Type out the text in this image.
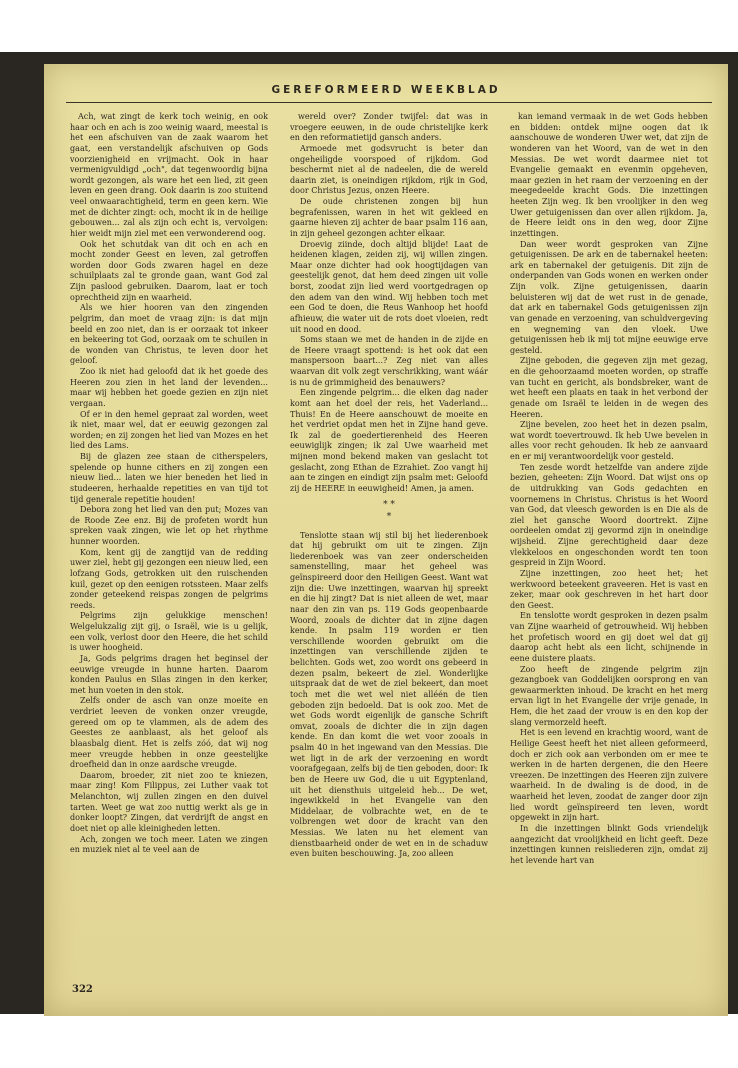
GEREFORMEERD WEEKBLAD

Ach, wat zingt de kerk toch weinig, en ook haar och en ach is zoo weinig waard, meestal is het een afschuiven van de zaak waarom het gaat, een verstandelijk afschuiven op Gods voorzienigheid en vrijmacht. Ook in haar vermenigvuldigd „och", dat tegenwoordig bijna wordt gezongen, als ware het een lied, zit geen leven en geen drang. Ook daarin is zoo stuitend veel onwaarachtigheid, term en geen kern. Wie met de dichter zingt: och, mocht ik in de heilige gebouwen... zal als zijn och echt is, vervolgen: hier weidt mijn ziel met een verwonderend oog.

Ook het schutdak van dit och en ach en mocht zonder Geest en leven, zal getroffen worden door Gods zwaren hagel en deze schuilplaats zal te gronde gaan, want God zal Zijn paslood gebruiken. Daarom, laat er toch oprechtheid zijn en waarheid.

Als we hier hooren van den zingenden pelgrim, dan moet de vraag zijn: is dat mijn beeld en zoo niet, dan is er oorzaak tot inkeer en bekeering tot God, oorzaak om te schuilen in de wonden van Christus, te leven door het geloof.

Zoo ik niet had geloofd dat ik het goede des Heeren zou zien in het land der levenden... maar wij hebben het goede gezien en zijn niet vergaan.

Of er in den hemel gepraat zal worden, weet ik niet, maar wel, dat er eeuwig gezongen zal worden; en zij zongen het lied van Mozes en het lied des Lams.

Bij de glazen zee staan de citherspelers, spelende op hunne cithers en zij zongen een nieuw lied... laten we hier beneden het lied in studeeren, herhaalde repetities en van tijd tot tijd generale repetitie houden!

Debora zong het lied van den put; Mozes van de Roode Zee enz. Bij de profeten wordt hun spreken vaak zingen, wie let op het rhythme hunner woorden.

Kom, kent gij de zangtijd van de redding uwer ziel, hebt gij gezongen een nieuw lied, een lofzang Gods, getrokken uit den ruischenden kuil, gezet op den eenigen rotssteen. Maar zelfs zonder geteekend reispas zongen de pelgrims reeds.

Pelgrims zijn gelukkige menschen! Welgelukzalig zijt gij, o Israël, wie is u gelijk, een volk, verlost door den Heere, die het schild is uwer hoogheid.

Ja, Gods pelgrims dragen het beginsel der eeuwige vreugde in hunne harten. Daarom konden Paulus en Silas zingen in den kerker, met hun voeten in den stok.

Zelfs onder de asch van onze moeite en verdriet leeven de vonken onzer vreugde, gereed om op te vlammen, als de adem des Geestes ze aanblaast, als het geloof als blaasbalg dient. Het is zelfs zóó, dat wij nog meer vreugde hebben in onze geestelijke droefheid dan in onze aardsche vreugde.

Daarom, broeder, zit niet zoo te kniezen, maar zing! Kom Filippus, zei Luther vaak tot Melanchton, wij zullen zingen en den duivel tarten. Weet ge wat zoo nuttig werkt als ge in donker loopt? Zingen, dat verdrijft de angst en doet niet op alle kleinigheden letten.

Ach, zongen we toch meer. Laten we zingen en muziek niet al te veel aan de

wereld over? Zonder twijfel: dat was in vroegere eeuwen, in de oude christelijke kerk en den reformatietijd gansch anders.

Armoede met godsvrucht is beter dan ongeheiligde voorspoed of rijkdom. God beschermt niet al de nadeelen, die de wereld daarin ziet, is oneindigen rijkdom, rijk in God, door Christus Jezus, onzen Heere.

De oude christenen zongen bij hun begrafenissen, waren in het wit gekleed en gaarne hieven zij achter de baar psalm 116 aan, in zijn geheel gezongen achter elkaar.

Droevig ziinde, doch altijd blijde! Laat de heidenen klagen, zeiden zij, wij willen zingen. Maar onze dichter had ook hoogtijdagen van geestelijk genot, dat hem deed zingen uit volle borst, zoodat zijn lied werd voortgedragen op den adem van den wind. Wij hebben toch met een God te doen, die Reus Wanhoop het hoofd afhieuw, die water uit de rots doet vloeien, redt uit nood en dood.

Soms staan we met de handen in de zijde en de Heere vraagt spottend: is het ook dat een manspersoon baart...? Zeg niet van alles waarvan dit volk zegt verschrikking, want wáár is nu de grimmigheid des benauwers?

Een zingende pelgrim... die elken dag nader komt aan het doel der reis, het Vaderland... Thuis! En de Heere aanschouwt de moeite en het verdriet opdat men het in Zijne hand geve. Ik zal de goedertierenheid des Heeren eeuwiglijk zingen; ik zal Uwe waarheid met mijnen mond bekend maken van geslacht tot geslacht, zong Ethan de Ezrahiet. Zoo vangt hij aan te zingen en eindigt zijn psalm met: Geloofd zij de HEERE in eeuwigheid! Amen, ja amen.

* *
*

Tenslotte staan wij stil bij het liederenboek dat hij gebruikt om uit te zingen. Zijn liederenboek was van zeer onderscheiden samenstelling, maar het geheel was geïnspireerd door den Heiligen Geest. Want wat zijn die: Uwe inzettingen, waarvan hij spreekt en die hij zingt? Dat is niet alleen de wet, maar naar den zin van ps. 119 Gods geopenbaarde Woord, zooals de dichter dat in zijne dagen kende. In psalm 119 worden er tien verschillende woorden gebruikt om die inzettingen van verschillende zijden te belichten. Gods wet, zoo wordt ons gebeerd in dezen psalm, bekeert de ziel. Wonderlijke uitspraak dat de wet de ziel bekeert, dan moet toch met die wet wel niet alléén de tien geboden zijn bedoeld. Dat is ook zoo. Met de wet Gods wordt eigenlijk de gansche Schrift omvat, zooals de dichter die in zijn dagen kende. En dan komt die wet voor zooals in psalm 40 in het ingewand van den Messias. Die wet ligt in de ark der verzoening en wordt voorafgegaan, zelfs bij de tien geboden, door: Ik ben de Heere uw God, die u uit Egyptenland, uit het diensthuis uitgeleid heb... De wet, ingewikkeld in het Evangelie van den Middelaar, de volbrachte wet, en de te volbrengen wet door de kracht van den Messias. We laten nu het element van dienstbaarheid onder de wet en in de schaduw even buiten beschouwing. Ja, zoo alleen

kan iemand vermaak in de wet Gods hebben en bidden: ontdek mijne oogen dat ik aanschouwe de wonderen Uwer wet, dat zijn de wonderen van het Woord, van de wet in den Messias. De wet wordt daarmee niet tot Evangelie gemaakt en evenmin opgeheven, maar gezien in het raam der verzoening en der meegedeelde kracht Gods. Die inzettingen heeten Zijn weg. Ik ben vroolijker in den weg Uwer getuigenissen dan over allen rijkdom. Ja, de Heere leidt ons in den weg, door Zijne inzettingen.

Dan weer wordt gesproken van Zijne getuigenissen. De ark en de tabernakel heeten: ark en tabernakel der getuigenis. Dit zijn de onderpanden van Gods wonen en werken onder Zijn volk. Zijne getuigenissen, daarin beluisteren wij dat de wet rust in de genade, dat ark en tabernakel Gods getuigenissen zijn van genade en verzoening, van schuldvergeving en wegneming van den vloek. Uwe getuigenissen heb ik mij tot mijne eeuwige erve gesteld.

Zijne geboden, die gegeven zijn met gezag, en die gehoorzaamd moeten worden, op straffe van tucht en gericht, als bondsbreker, want de wet heeft een plaats en taak in het verbond der genade om Israël te leiden in de wegen des Heeren.

Zijne bevelen, zoo heet het in dezen psalm, wat wordt toevertrouwd. Ik heb Uwe bevelen in alles voor recht gehouden. Ik heb ze aanvaard en er mij verantwoordelijk voor gesteld.

Ten zesde wordt hetzelfde van andere zijde bezien, geheeten: Zijn Woord. Dat wijst ons op de uitdrukking van Gods gedachten en voornemens in Christus. Christus is het Woord van God, dat vleesch geworden is en Die als de ziel het gansche Woord doortrekt. Zijne oordeelen omdat zij gevormd zijn in oneindige wijsheid. Zijne gerechtigheid daar deze vlekkeloos en ongeschonden wordt ten toon gespreid in Zijn Woord.

Zijne inzettingen, zoo heet het; het werkwoord beteekent graveeren. Het is vast en zeker, maar ook geschreven in het hart door den Geest.

En tenslotte wordt gesproken in dezen psalm van Zijne waarheid of getrouwheid. Wij hebben het profetisch woord en gij doet wel dat gij daarop acht hebt als een licht, schijnende in eene duistere plaats.

Zoo heeft de zingende pelgrim zijn gezangboek van Goddelijken oorsprong en van gewaarmerkten inhoud. De kracht en het merg ervan ligt in het Evangelie der vrije genade, in Hem, die het zaad der vrouw is en den kop der slang vermorzeld heeft.

Het is een levend en krachtig woord, want de Heilige Geest heeft het niet alleen geformeerd, doch er zich ook aan verbonden om er mee te werken in de harten dergenen, die den Heere vreezen. De inzettingen des Heeren zijn zuivere waarheid. In de dwaling is de dood, in de waarheid het leven, zoodat de zanger door zijn lied wordt geïnspireerd ten leven, wordt opgewekt in zijn hart.

In die inzettingen blinkt Gods vriendelijk aangezicht dat vroolijkheid en licht geeft. Deze inzettingen kunnen reisliederen zijn, omdat zij het levende hart van

322
